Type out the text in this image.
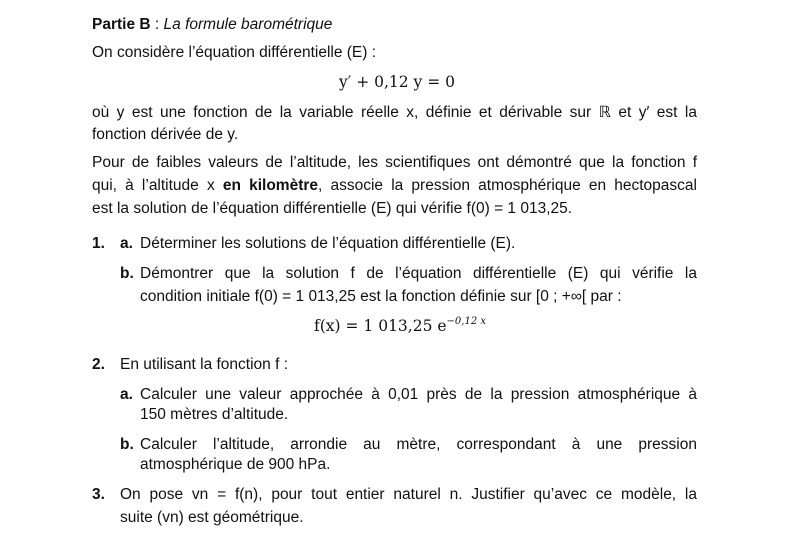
Partie B : La formule barométrique
On considère l’équation différentielle (E) :
y′ + 0,12 y = 0
où y est une fonction de la variable réelle x, définie et dérivable sur ℝ et y′ est la
fonction dérivée de y.
Pour de faibles valeurs de l’altitude, les scientifiques ont démontré que la fonction f
qui, à l’altitude x en kilomètre, associe la pression atmosphérique en hectopascal
est la solution de l’équation différentielle (E) qui vérifie f(0) = 1 013,25.
1. a. Déterminer les solutions de l’équation différentielle (E).
b. Démontrer que la solution f de l’équation différentielle (E) qui vérifie la
condition initiale f(0) = 1 013,25 est la fonction définie sur [0 ; +∞[ par :
f(x) = 1 013,25 $e^{-0,12 x}$
2. En utilisant la fonction f :
a. Calculer une valeur approchée à 0,01 près de la pression atmosphérique à
150 mètres d’altitude.
b. Calculer l’altitude, arrondie au mètre, correspondant à une pression
atmosphérique de 900 hPa.
3. On pose vn = f(n), pour tout entier naturel n. Justifier qu’avec ce modèle, la
suite (vn) est géométrique.
